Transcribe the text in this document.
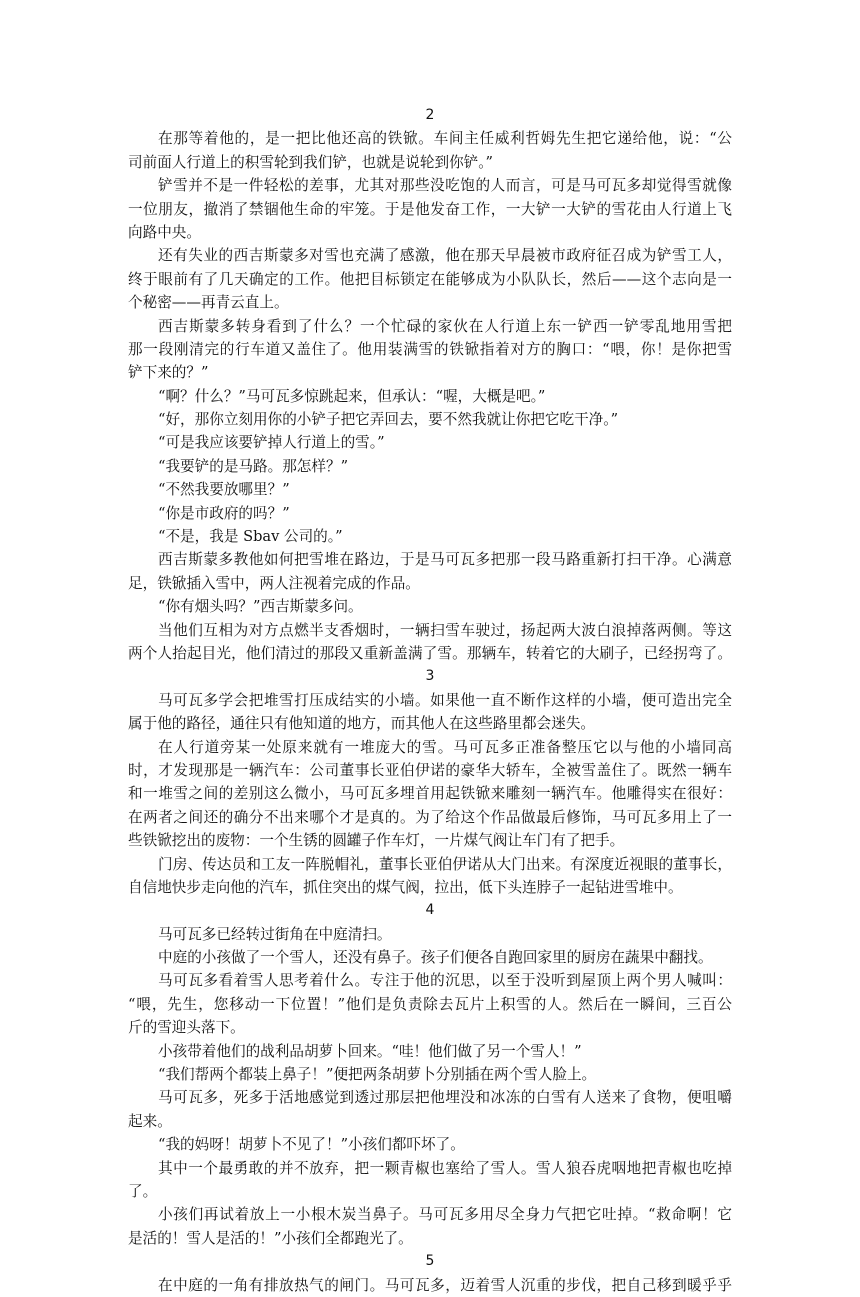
2
在那等着他的，是一把比他还高的铁锨。车间主任威利哲姆先生把它递给他，说：“公
司前面人行道上的积雪轮到我们铲，也就是说轮到你铲。”
铲雪并不是一件轻松的差事，尤其对那些没吃饱的人而言，可是马可瓦多却觉得雪就像
一位朋友，撤消了禁锢他生命的牢笼。于是他发奋工作，一大铲一大铲的雪花由人行道上飞
向路中央。
还有失业的西吉斯蒙多对雪也充满了感激，他在那天早晨被市政府征召成为铲雪工人，
终于眼前有了几天确定的工作。他把目标锁定在能够成为小队队长，然后——这个志向是一
个秘密——再青云直上。
西吉斯蒙多转身看到了什么？一个忙碌的家伙在人行道上东一铲西一铲零乱地用雪把
那一段刚清完的行车道又盖住了。他用装满雪的铁锨指着对方的胸口：“喂，你！是你把雪
铲下来的？”
“啊？什么？”马可瓦多惊跳起来，但承认：“喔，大概是吧。”
“好，那你立刻用你的小铲子把它弄回去，要不然我就让你把它吃干净。”
“可是我应该要铲掉人行道上的雪。”
“我要铲的是马路。那怎样？”
“不然我要放哪里？”
“你是市政府的吗？”
“不是，我是 Sbav 公司的。”
西吉斯蒙多教他如何把雪堆在路边，于是马可瓦多把那一段马路重新打扫干净。心满意
足，铁锨插入雪中，两人注视着完成的作品。
“你有烟头吗？”西吉斯蒙多问。
当他们互相为对方点燃半支香烟时，一辆扫雪车驶过，扬起两大波白浪掉落两侧。等这
两个人抬起目光，他们清过的那段又重新盖满了雪。那辆车，转着它的大刷子，已经拐弯了。
3
马可瓦多学会把堆雪打压成结实的小墙。如果他一直不断作这样的小墙，便可造出完全
属于他的路径，通往只有他知道的地方，而其他人在这些路里都会迷失。
在人行道旁某一处原来就有一堆庞大的雪。马可瓦多正准备整压它以与他的小墙同高
时，才发现那是一辆汽车：公司董事长亚伯伊诺的豪华大轿车，全被雪盖住了。既然一辆车
和一堆雪之间的差别这么微小，马可瓦多埋首用起铁锨来雕刻一辆汽车。他雕得实在很好：
在两者之间还的确分不出来哪个才是真的。为了给这个作品做最后修饰，马可瓦多用上了一
些铁锨挖出的废物：一个生锈的圆罐子作车灯，一片煤气阀让车门有了把手。
门房、传达员和工友一阵脱帽礼，董事长亚伯伊诺从大门出来。有深度近视眼的董事长，
自信地快步走向他的汽车，抓住突出的煤气阀，拉出，低下头连脖子一起钻进雪堆中。
4
马可瓦多已经转过街角在中庭清扫。
中庭的小孩做了一个雪人，还没有鼻子。孩子们便各自跑回家里的厨房在蔬果中翻找。
马可瓦多看着雪人思考着什么。专注于他的沉思，以至于没听到屋顶上两个男人喊叫：
“喂，先生，您移动一下位置！”他们是负责除去瓦片上积雪的人。然后在一瞬间，三百公
斤的雪迎头落下。
小孩带着他们的战利品胡萝卜回来。“哇！他们做了另一个雪人！”
“我们帮两个都装上鼻子！”便把两条胡萝卜分别插在两个雪人脸上。
马可瓦多，死多于活地感觉到透过那层把他埋没和冰冻的白雪有人送来了食物，便咀嚼
起来。
“我的妈呀！胡萝卜不见了！”小孩们都吓坏了。
其中一个最勇敢的并不放弃，把一颗青椒也塞给了雪人。雪人狼吞虎咽地把青椒也吃掉
了。
小孩们再试着放上一小根木炭当鼻子。马可瓦多用尽全身力气把它吐掉。“救命啊！它
是活的！雪人是活的！”小孩们全都跑光了。
5
在中庭的一角有排放热气的闸门。马可瓦多，迈着雪人沉重的步伐，把自己移到暖乎乎
